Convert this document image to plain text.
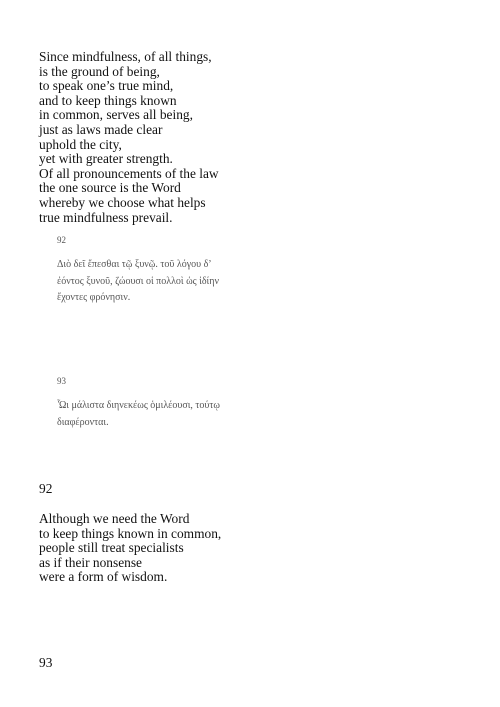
Since mindfulness, of all things,
is the ground of being,
to speak one’s true mind,
and to keep things known
in common, serves all being,
just as laws made clear
uphold the city,
yet with greater strength.
Of all pronouncements of the law
the one source is the Word
whereby we choose what helps
true mindfulness prevail.
92
Διὸ δεῖ ἕπεσθαι τῷ ξυνῷ. τοῦ λόγου δ’
ἐόντος ξυνοῦ, ζώουσι οἱ πολλοὶ ὡς ἰδίην
ἔχοντες φρόνησιν.
93
Ὧι μάλιστα διηνεκέως ὁμιλέουσι, τούτῳ
διαφέρονται.
92
Although we need the Word
to keep things known in common,
people still treat specialists
as if their nonsense
were a form of wisdom.
93
